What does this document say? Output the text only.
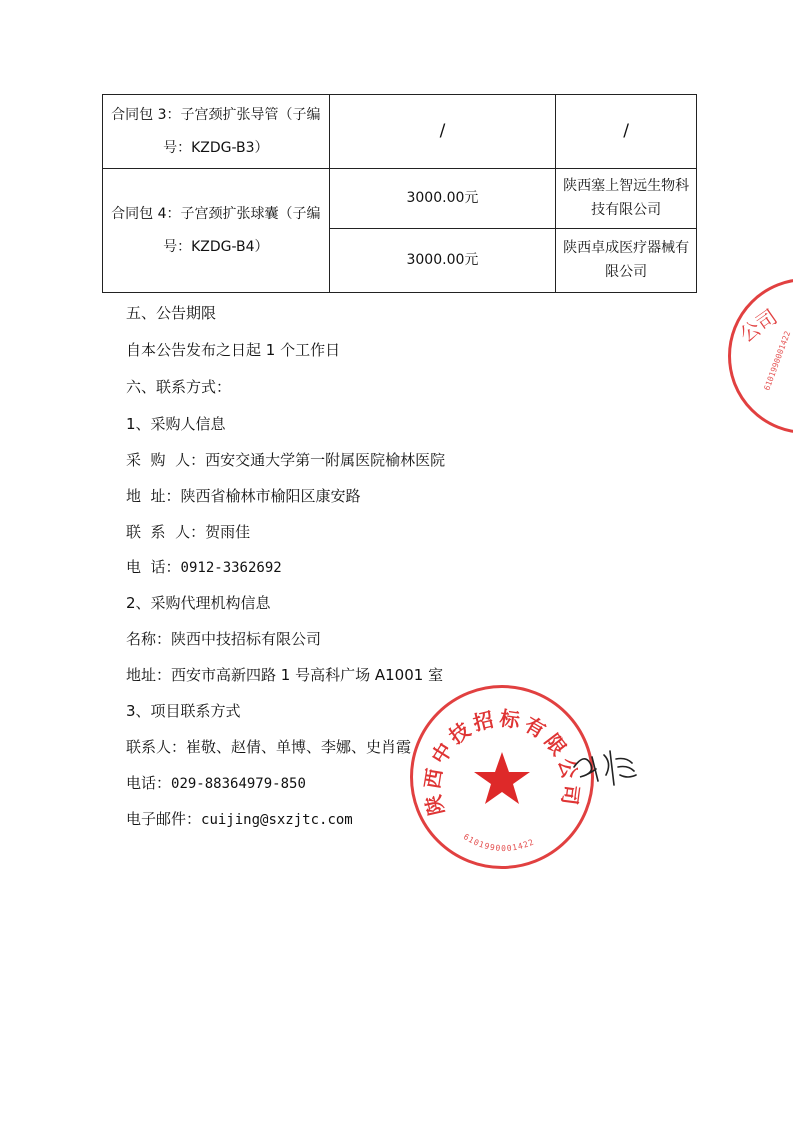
合同包 3：子宫颈扩张导管（子编号：KZDG-B3）	/	/
合同包 4：子宫颈扩张球囊（子编号：KZDG-B4）	3000.00元	陕西塞上智远生物科技有限公司
	3000.00元	陕西卓成医疗器械有限公司
五、公告期限
自本公告发布之日起 1 个工作日
六、联系方式：
1、采购人信息
采  购  人：西安交通大学第一附属医院榆林医院
地  址：陕西省榆林市榆阳区康安路
联  系  人：贺雨佳
电  话：0912-3362692
2、采购代理机构信息
名称：陕西中技招标有限公司
地址：西安市高新四路 1 号高科广场 A1001 室
3、项目联系方式
联系人：崔敬、赵倩、单博、李娜、史肖霞
电话：029-88364979-850
电子邮件：cuijing@sxzjtc.com
公司
6101990001422
陕西中技招标有限公司
6101990001422
